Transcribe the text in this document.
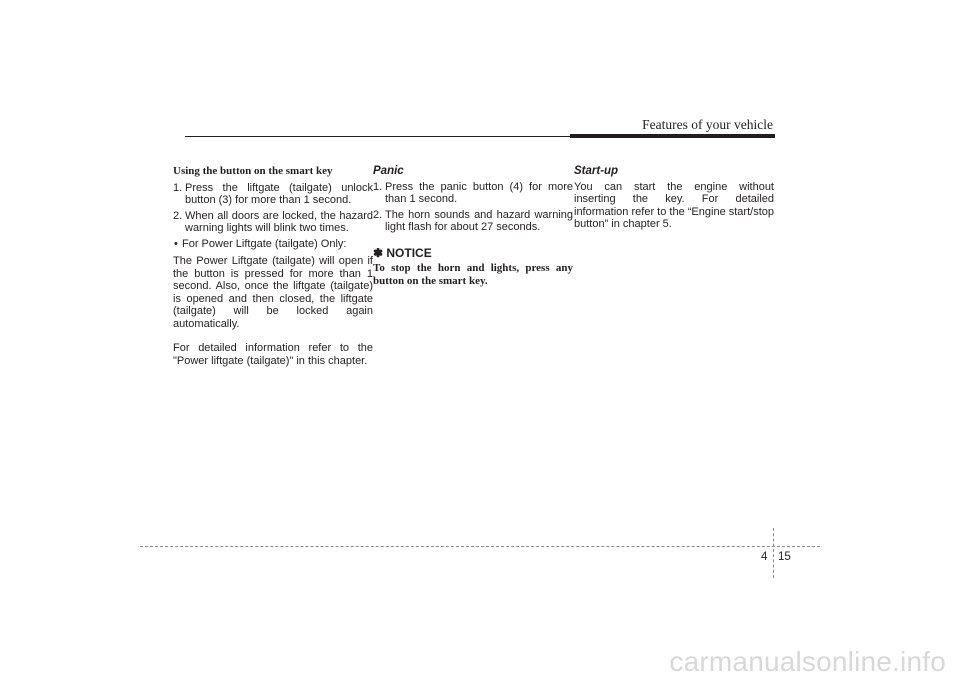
Features of your vehicle

Using the button on the smart key

1. Press the liftgate (tailgate) unlock button (3) for more than 1 second.
2. When all doors are locked, the hazard warning lights will blink two times.
• For Power Liftgate (tailgate) Only:

The Power Liftgate (tailgate) will open if the button is pressed for more than 1 second. Also, once the liftgate (tailgate) is opened and then closed, the liftgate (tailgate) will be locked again automatically.

For detailed information refer to the "Power liftgate (tailgate)" in this chapter.

Panic

1. Press the panic button (4) for more than 1 second.
2. The horn sounds and hazard warning light flash for about 27 seconds.

✽ NOTICE

To stop the horn and lights, press any button on the smart key.

Start-up

You can start the engine without inserting the key. For detailed information refer to the “Engine start/stop button” in chapter 5.

4 15
carmanualsonline.info
